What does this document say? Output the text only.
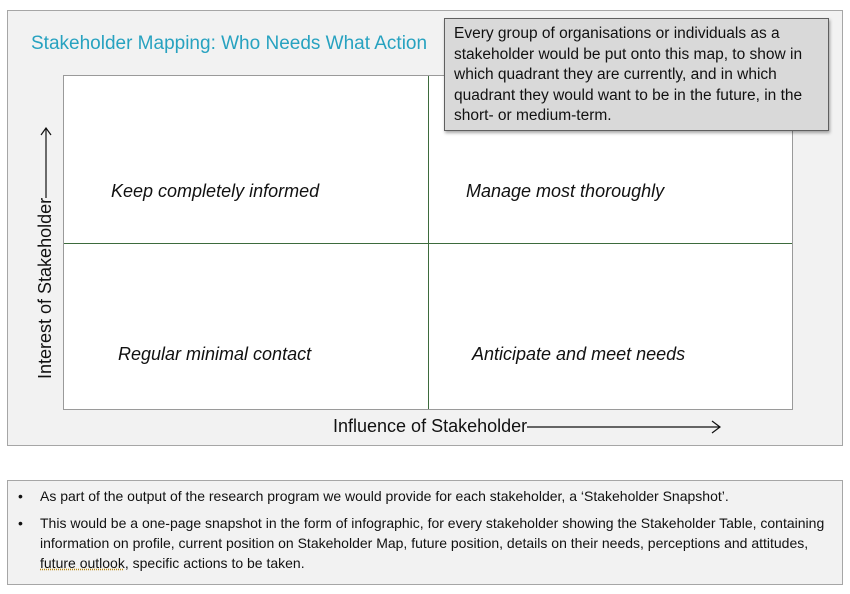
Stakeholder Mapping: Who Needs What Action
Keep completely informed	Manage most thoroughly
Regular minimal contact	Anticipate and meet needs
Interest of Stakeholder
Influence of Stakeholder
Every group of organisations or individuals as a stakeholder would be put onto this map, to show in which quadrant they are currently, and in which quadrant they would want to be in the future, in the short- or medium-term.
• As part of the output of the research program we would provide for each stakeholder, a ‘Stakeholder Snapshot’.
• This would be a one-page snapshot in the form of infographic, for every stakeholder showing the Stakeholder Table, containing information on profile, current position on Stakeholder Map, future position, details on their needs, perceptions and attitudes, future outlook, specific actions to be taken.
